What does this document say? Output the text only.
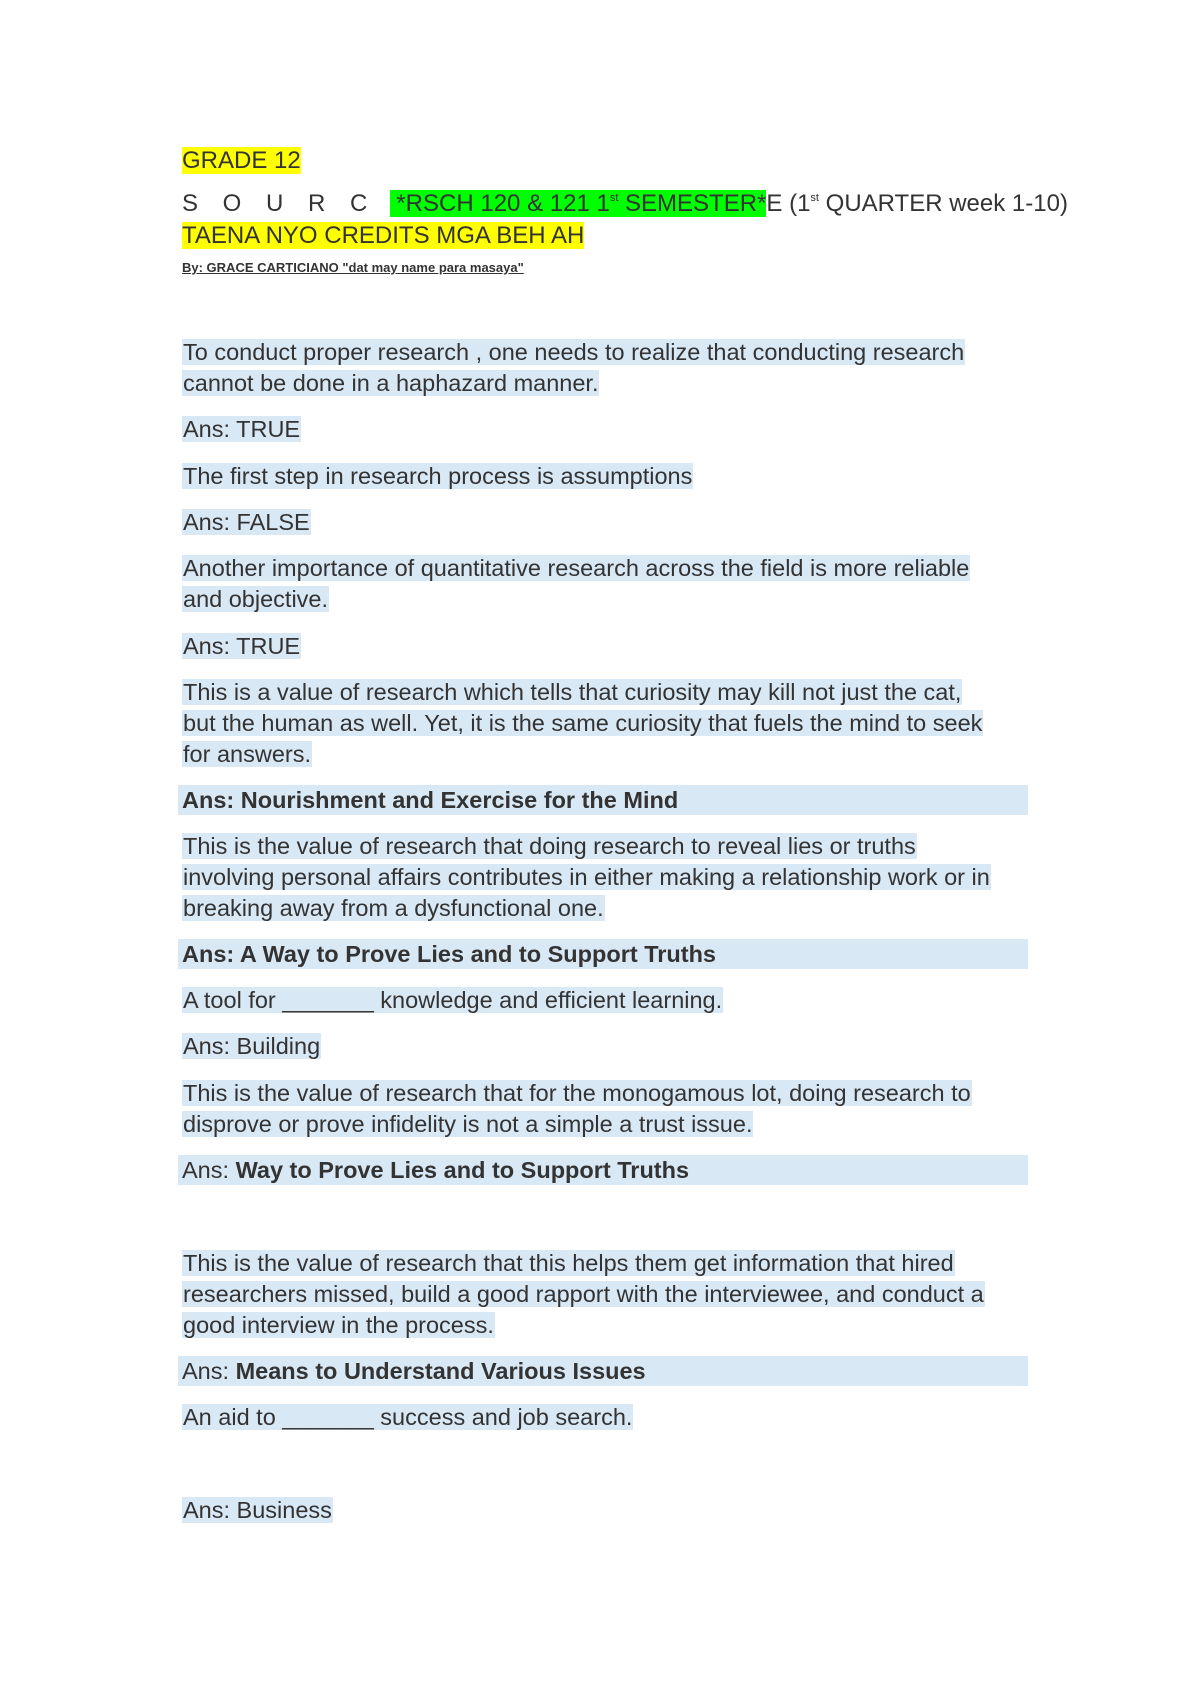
GRADE 12
S O U R C *RSCH 120 & 121 1st SEMESTER*E (1st QUARTER week 1-10)
TAENA NYO CREDITS MGA BEH AH
By: GRACE CARTICIANO "dat may name para masaya"
To conduct proper research , one needs to realize that conducting research
cannot be done in a haphazard manner.
Ans: TRUE
The first step in research process is assumptions
Ans: FALSE
Another importance of quantitative research across the field is more reliable
and objective.
Ans: TRUE
This is a value of research which tells that curiosity may kill not just the cat,
but the human as well. Yet, it is the same curiosity that fuels the mind to seek
for answers.
Ans: Nourishment and Exercise for the Mind
This is the value of research that doing research to reveal lies or truths
involving personal affairs contributes in either making a relationship work or in
breaking away from a dysfunctional one.
Ans: A Way to Prove Lies and to Support Truths
A tool for _______ knowledge and efficient learning.
Ans: Building
This is the value of research that for the monogamous lot, doing research to
disprove or prove infidelity is not a simple a trust issue.
Ans: Way to Prove Lies and to Support Truths
This is the value of research that this helps them get information that hired
researchers missed, build a good rapport with the interviewee, and conduct a
good interview in the process.
Ans: Means to Understand Various Issues
An aid to _______ success and job search.
Ans: Business
